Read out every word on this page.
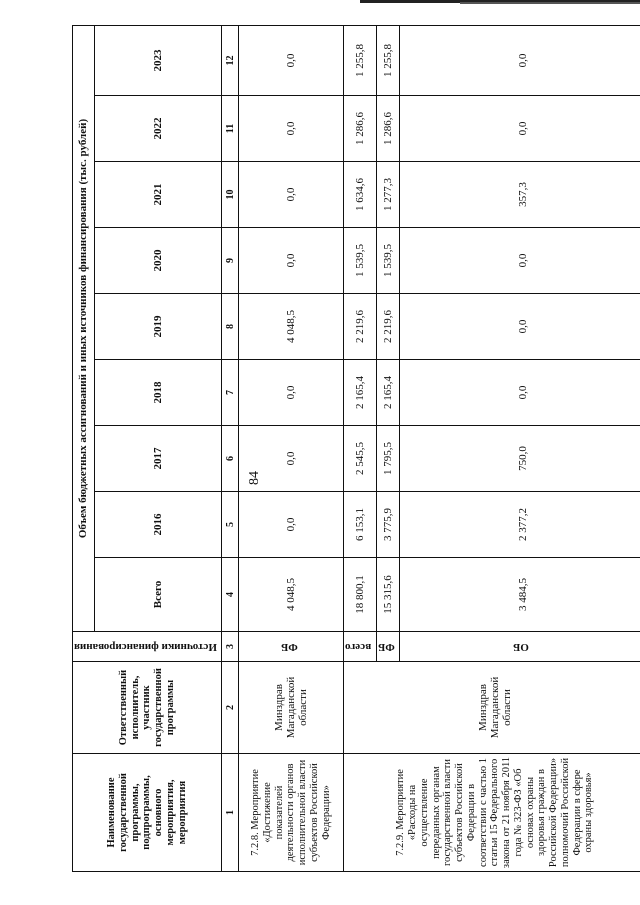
84
Наименование государственной программы, подпрограммы, основного мероприятия, мероприятия	Ответственный исполнитель, участник государственной программы	Источники финансирования	Объем бюджетных ассигнований и иных источников финансирования (тыс. рублей)								
			Всего	2016	2017	2018	2019	2020	2021	2022	2023
1	2	3	4	5	6	7	8	9	10	11	12
7.2.8. Мероприятие «Достижение показателей деятельности органов исполнительной власти субъектов Российской Федерации»	Минздрав Магаданской области	ФБ	4 048,5	0,0	0,0	0,0	4 048,5	0,0	0,0	0,0	0,0
7.2.9. Мероприятие «Расходы на осуществление переданных органам государственной власти субъектов Российской Федерации в соответствии с частью 1 статьи 15 Федерального закона от 21 ноября 2011 года № 323-ФЗ «Об основах охраны здоровья граждан в Российской Федерации» полномочий Российской Федерации в сфере охраны здоровья»	Минздрав Магаданской области	всего	18 800,1	6 153,1	2 545,5	2 165,4	2 219,6	1 539,5	1 634,6	1 286,6	1 255,8
		ФБ	15 315,6	3 775,9	1 795,5	2 165,4	2 219,6	1 539,5	1 277,3	1 286,6	1 255,8
		ОБ	3 484,5	2 377,2	750,0	0,0	0,0	0,0	357,3	0,0	0,0
